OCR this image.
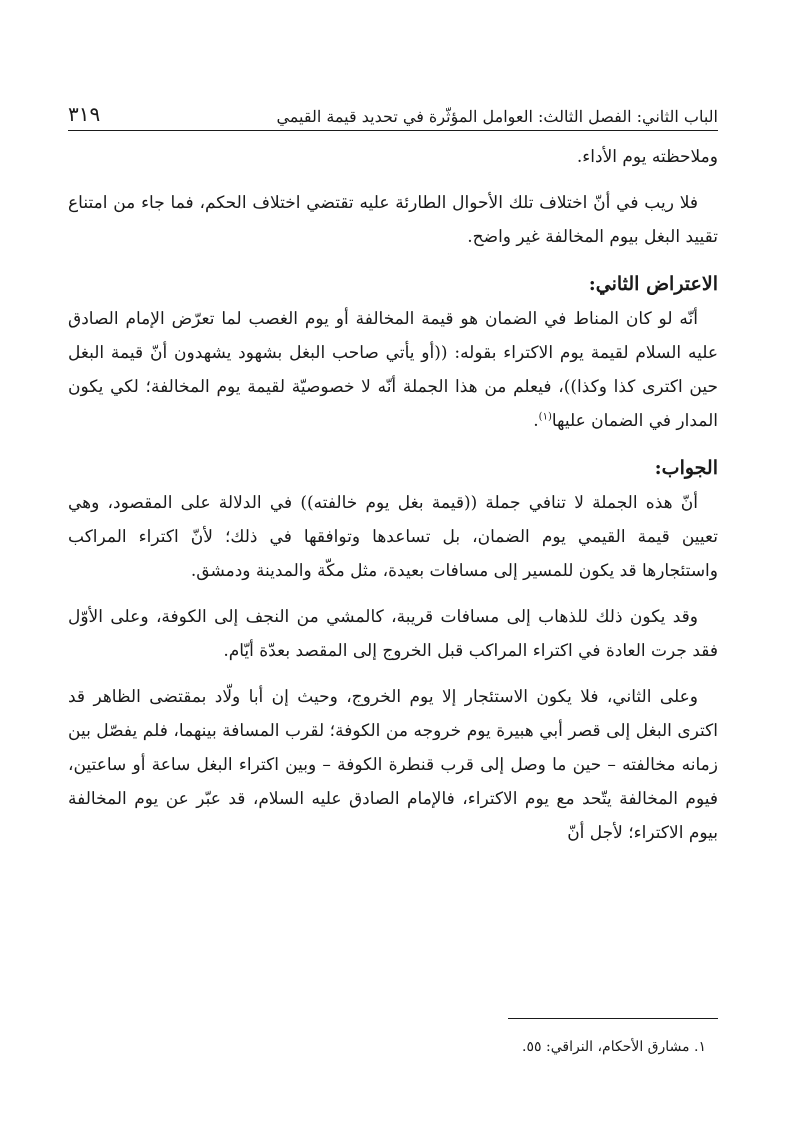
الباب الثاني: الفصل الثالث: العوامل المؤثّرة في تحديد قيمة القيمي
٣١٩

وملاحظته يوم الأداء.

فلا ريب في أنّ اختلاف تلك الأحوال الطارئة عليه تقتضي اختلاف الحكم، فما جاء من امتناع تقييد البغل بيوم المخالفة غير واضح.

الاعتراض الثاني:

أنّه لو كان المناط في الضمان هو قيمة المخالفة أو يوم الغصب لما تعرّض الإمام الصادق عليه السلام لقيمة يوم الاكتراء بقوله: ((أو يأتي صاحب البغل بشهود يشهدون أنّ قيمة البغل حين اكترى كذا وكذا))، فيعلم من هذا الجملة أنّه لا خصوصيّة لقيمة يوم المخالفة؛ لكي يكون المدار في الضمان عليها$^{(١)}$.

الجواب:

أنّ هذه الجملة لا تنافي جملة ((قيمة بغل يوم خالفته)) في الدلالة على المقصود، وهي تعيين قيمة القيمي يوم الضمان، بل تساعدها وتوافقها في ذلك؛ لأنّ اكتراء المراكب واستئجارها قد يكون للمسير إلى مسافات بعيدة، مثل مكّة والمدينة ودمشق.

وقد يكون ذلك للذهاب إلى مسافات قريبة، كالمشي من النجف إلى الكوفة، وعلى الأوّل فقد جرت العادة في اكتراء المراكب قبل الخروج إلى المقصد بعدّة أيّام.

وعلى الثاني، فلا يكون الاستئجار إلا يوم الخروج، وحيث إن أبا ولّاد بمقتضى الظاهر قد اكترى البغل إلى قصر أبي هبيرة يوم خروجه من الكوفة؛ لقرب المسافة بينهما، فلم يفصّل بين زمانه مخالفته – حين ما وصل إلى قرب قنطرة الكوفة – وبين اكتراء البغل ساعة أو ساعتين، فيوم المخالفة يتّحد مع يوم الاكتراء، فالإمام الصادق عليه السلام، قد عبّر عن يوم المخالفة بيوم الاكتراء؛ لأجل أنّ

١. مشارق الأحكام، النراقي: ٥٥.
